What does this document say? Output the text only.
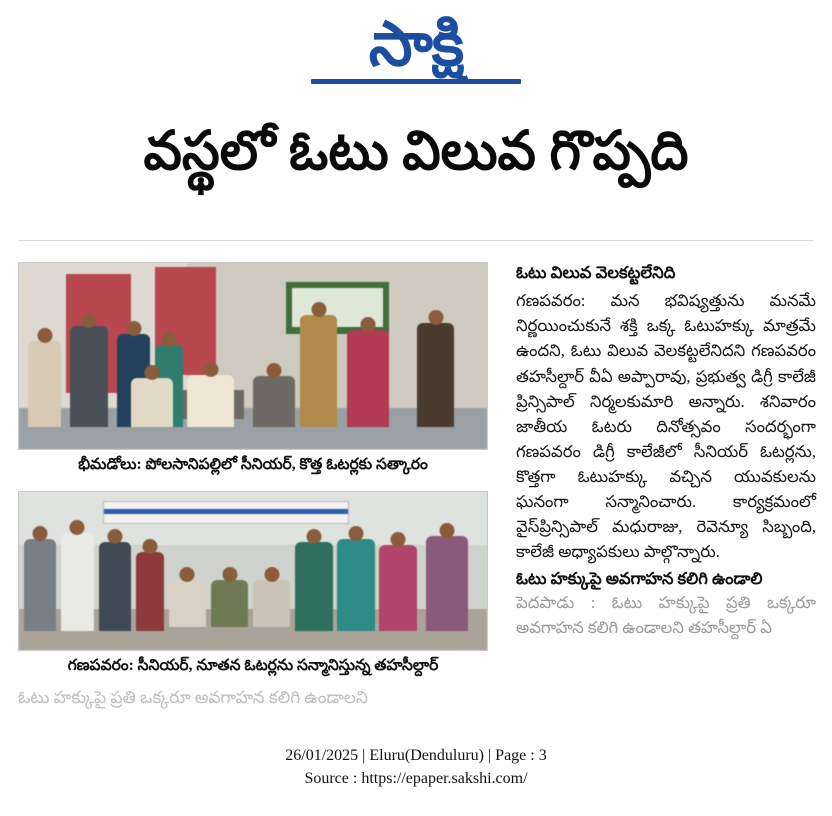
సాక్షి
వస్థలో ఓటు విలువ గొప్పది
భీమడోలు: పోలసానిపల్లిలో సీనియర్, కొత్త ఓటర్లకు సత్కారం
గణపవరం: సీనియర్, నూతన ఓటర్లను సన్మానిస్తున్న తహసీల్దార్
ఓటు హక్కుపై ప్రతి ఒక్కరూ అవగాహన కలిగి ఉండాలని
ఓటు విలువ వెలకట్టలేనిది
గణపవరం: మన భవిష్యత్తును మనమే నిర్ణయించుకునే శక్తి ఒక్క ఓటుహక్కు మాత్రమే ఉందని, ఓటు విలువ వెలకట్టలేనిదని గణపవరం తహసీల్దార్ వీఏ అప్పారావు, ప్రభుత్వ డిగ్రీ కాలేజీ ప్రిన్సిపాల్ నిర్మలకుమారి అన్నారు. శనివారం జాతీయ ఓటరు దినోత్సవం సందర్భంగా గణపవరం డిగ్రీ కాలేజీలో సీనియర్ ఓటర్లను, కొత్తగా ఓటుహక్కు వచ్చిన యువకులను ఘనంగా సన్మానించారు. కార్యక్రమంలో వైస్‌ప్రిన్సిపాల్ మధురాజు, రెవెన్యూ సిబ్బంది, కాలేజీ అధ్యాపకులు పాల్గొన్నారు.
ఓటు హక్కుపై అవగాహన కలిగి ఉండాలి
పెదపాడు : ఓటు హక్కుపై ప్రతి ఒక్కరూ అవగాహన కలిగి ఉండాలని తహసీల్దార్ ఏ
26/01/2025 | Eluru(Denduluru) | Page : 3
Source : https://epaper.sakshi.com/
